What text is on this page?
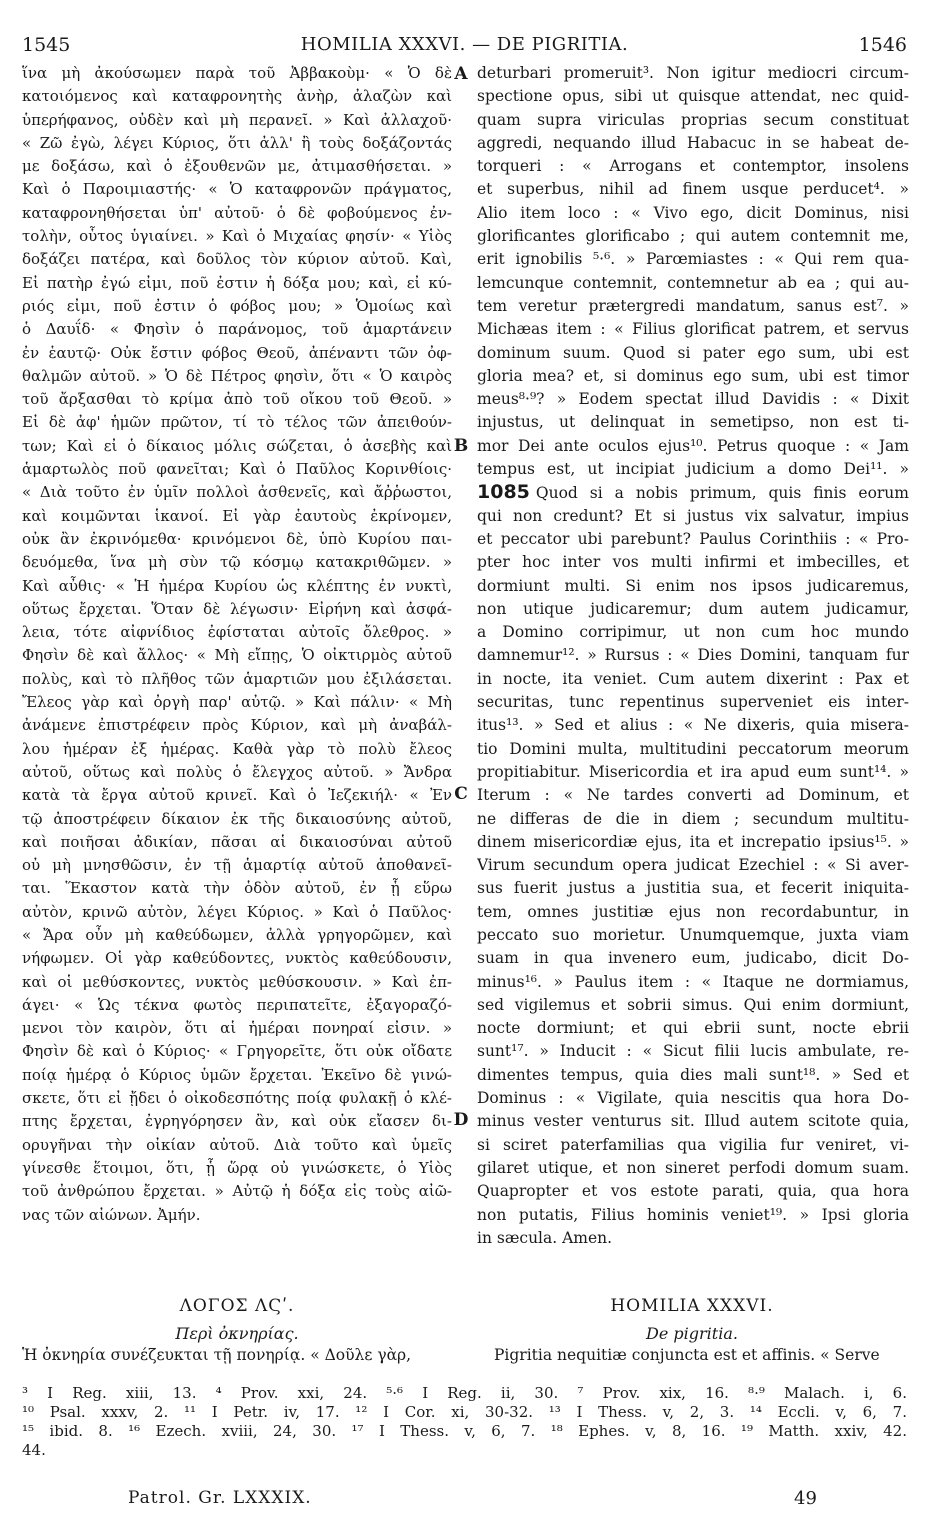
1545	HOMILIA XXXVI. — DE PIGRITIA.	1546
ἵνα μὴ ἀκούσωμεν παρὰ τοῦ Ἀββακοὺμ· « Ὁ δὲ
κατοιόμενος καὶ καταφρονητὴς ἀνὴρ, ἀλαζὼν καὶ
ὑπερήφανος, οὐδὲν καὶ μὴ περανεῖ. » Καὶ ἀλλαχοῦ·
« Ζῶ ἐγὼ, λέγει Κύριος, ὅτι ἀλλ' ἢ τοὺς δοξάζοντάς
με δοξάσω, καὶ ὁ ἐξουθενῶν με, ἀτιμασθήσεται. »
Καὶ ὁ Παροιμιαστής· « Ὁ καταφρονῶν πράγματος,
καταφρονηθήσεται ὑπ' αὐτοῦ· ὁ δὲ φοβούμενος ἐν-
τολὴν, οὗτος ὑγιαίνει. » Καὶ ὁ Μιχαίας φησίν· « Υἱὸς
δοξάζει πατέρα, καὶ δοῦλος τὸν κύριον αὐτοῦ. Καὶ,
Εἰ πατὴρ ἐγώ εἰμι, ποῦ ἐστιν ἡ δόξα μου; καὶ, εἰ κύ-
ριός εἰμι, ποῦ ἐστιν ὁ φόβος μου; » Ὁμοίως καὶ
ὁ Δαυΐδ· « Φησὶν ὁ παράνομος, τοῦ ἁμαρτάνειν
ἐν ἑαυτῷ· Οὐκ ἔστιν φόβος Θεοῦ, ἀπέναντι τῶν ὀφ-
θαλμῶν αὐτοῦ. » Ὁ δὲ Πέτρος φησὶν, ὅτι « Ὁ καιρὸς
τοῦ ἄρξασθαι τὸ κρίμα ἀπὸ τοῦ οἴκου τοῦ Θεοῦ. »
Εἰ δὲ ἀφ' ἡμῶν πρῶτον, τί τὸ τέλος τῶν ἀπειθούν-
των; Καὶ εἰ ὁ δίκαιος μόλις σώζεται, ὁ ἀσεβὴς καὶ
ἁμαρτωλὸς ποῦ φανεῖται; Καὶ ὁ Παῦλος Κορινθίοις·
« Διὰ τοῦτο ἐν ὑμῖν πολλοὶ ἀσθενεῖς, καὶ ἄῤῥωστοι,
καὶ κοιμῶνται ἱκανοί. Εἰ γὰρ ἑαυτοὺς ἐκρίνομεν,
οὐκ ἂν ἐκρινόμεθα· κρινόμενοι δὲ, ὑπὸ Κυρίου παι-
δευόμεθα, ἵνα μὴ σὺν τῷ κόσμῳ κατακριθῶμεν. »
Καὶ αὖθις· « Ἡ ἡμέρα Κυρίου ὡς κλέπτης ἐν νυκτὶ,
οὕτως ἔρχεται. Ὅταν δὲ λέγωσιν· Εἰρήνη καὶ ἀσφά-
λεια, τότε αἰφνίδιος ἐφίσταται αὐτοῖς ὄλεθρος. »
Φησὶν δὲ καὶ ἄλλος· « Μὴ εἴπῃς, Ὁ οἰκτιρμὸς αὐτοῦ
πολὺς, καὶ τὸ πλῆθος τῶν ἁμαρτιῶν μου ἐξιλάσεται.
Ἔλεος γὰρ καὶ ὀργὴ παρ' αὐτῷ. » Καὶ πάλιν· « Μὴ
ἀνάμενε ἐπιστρέφειν πρὸς Κύριον, καὶ μὴ ἀναβάλ-
λου ἡμέραν ἐξ ἡμέρας. Καθὰ γὰρ τὸ πολὺ ἔλεος
αὐτοῦ, οὕτως καὶ πολὺς ὁ ἔλεγχος αὐτοῦ. » Ἄνδρα
κατὰ τὰ ἔργα αὐτοῦ κρινεῖ. Καὶ ὁ Ἰεζεκιήλ· « Ἐν
τῷ ἀποστρέφειν δίκαιον ἐκ τῆς δικαιοσύνης αὐτοῦ,
καὶ ποιῆσαι ἀδικίαν, πᾶσαι αἱ δικαιοσύναι αὐτοῦ
οὐ μὴ μνησθῶσιν, ἐν τῇ ἁμαρτίᾳ αὐτοῦ ἀποθανεῖ-
ται. Ἕκαστον κατὰ τὴν ὁδὸν αὐτοῦ, ἐν ᾗ εὕρω
αὐτὸν, κρινῶ αὐτὸν, λέγει Κύριος. » Καὶ ὁ Παῦλος·
« Ἄρα οὖν μὴ καθεύδωμεν, ἀλλὰ γρηγορῶμεν, καὶ
νήφωμεν. Οἱ γὰρ καθεύδοντες, νυκτὸς καθεύδουσιν,
καὶ οἱ μεθύσκοντες, νυκτὸς μεθύσκουσιν. » Καὶ ἐπ-
άγει· « Ὡς τέκνα φωτὸς περιπατεῖτε, ἐξαγοραζό-
μενοι τὸν καιρὸν, ὅτι αἱ ἡμέραι πονηραί εἰσιν. »
Φησὶν δὲ καὶ ὁ Κύριος· « Γρηγορεῖτε, ὅτι οὐκ οἴδατε
ποίᾳ ἡμέρᾳ ὁ Κύριος ὑμῶν ἔρχεται. Ἐκεῖνο δὲ γινώ-
σκετε, ὅτι εἰ ᾔδει ὁ οἰκοδεσπότης ποίᾳ φυλακῇ ὁ κλέ-
πτης ἔρχεται, ἐγρηγόρησεν ἂν, καὶ οὐκ εἴασεν δι-
ορυγῆναι τὴν οἰκίαν αὐτοῦ. Διὰ τοῦτο καὶ ὑμεῖς
γίνεσθε ἕτοιμοι, ὅτι, ᾗ ὥρᾳ οὐ γινώσκετε, ὁ Υἱὸς
τοῦ ἀνθρώπου ἔρχεται. » Αὐτῷ ἡ δόξα εἰς τοὺς αἰῶ-
νας τῶν αἰώνων. Ἀμήν.
deturbari promeruit³. Non igitur mediocri circum-
spectione opus, sibi ut quisque attendat, nec quid-
quam supra viriculas proprias secum constituat
aggredi, nequando illud Habacuc in se habeat de-
torqueri : « Arrogans et contemptor, insolens
et superbus, nihil ad finem usque perducet⁴. »
Alio item loco : « Vivo ego, dicit Dominus, nisi
glorificantes glorificabo ; qui autem contemnit me,
erit ignobilis ⁵·⁶. » Parœmiastes : « Qui rem qua-
lemcunque contemnit, contemnetur ab ea ; qui au-
tem veretur prætergredi mandatum, sanus est⁷. »
Michæas item : « Filius glorificat patrem, et servus
dominum suum. Quod si pater ego sum, ubi est
gloria mea? et, si dominus ego sum, ubi est timor
meus⁸·⁹? » Eodem spectat illud Davidis : « Dixit
injustus, ut delinquat in semetipso, non est ti-
mor Dei ante oculos ejus¹⁰. Petrus quoque : « Jam
tempus est, ut incipiat judicium a domo Dei¹¹. »
1085 Quod si a nobis primum, quis finis eorum
qui non credunt? Et si justus vix salvatur, impius
et peccator ubi parebunt? Paulus Corinthiis : « Pro-
pter hoc inter vos multi infirmi et imbecilles, et
dormiunt multi. Si enim nos ipsos judicaremus,
non utique judicaremur; dum autem judicamur,
a Domino corripimur, ut non cum hoc mundo
damnemur¹². » Rursus : « Dies Domini, tanquam fur
in nocte, ita veniet. Cum autem dixerint : Pax et
securitas, tunc repentinus superveniet eis inter-
itus¹³. » Sed et alius : « Ne dixeris, quia misera-
tio Domini multa, multitudini peccatorum meorum
propitiabitur. Misericordia et ira apud eum sunt¹⁴. »
Iterum : « Ne tardes converti ad Dominum, et
ne differas de die in diem ; secundum multitu-
dinem misericordiæ ejus, ita et increpatio ipsius¹⁵. »
Virum secundum opera judicat Ezechiel : « Si aver-
sus fuerit justus a justitia sua, et fecerit iniquita-
tem, omnes justitiæ ejus non recordabuntur, in
peccato suo morietur. Unumquemque, juxta viam
suam in qua invenero eum, judicabo, dicit Do-
minus¹⁶. » Paulus item : « Itaque ne dormiamus,
sed vigilemus et sobrii simus. Qui enim dormiunt,
nocte dormiunt; et qui ebrii sunt, nocte ebrii
sunt¹⁷. » Inducit : « Sicut filii lucis ambulate, re-
dimentes tempus, quia dies mali sunt¹⁸. » Sed et
Dominus : « Vigilate, quia nescitis qua hora Do-
minus vester venturus sit. Illud autem scitote quia,
si sciret paterfamilias qua vigilia fur veniret, vi-
gilaret utique, et non sineret perfodi domum suam.
Quapropter et vos estote parati, quia, qua hora
non putatis, Filius hominis veniet¹⁹. » Ipsi gloria
in sæcula. Amen.
A
B
C
D
ΛΟΓΟΣ ΛϚʹ.
Περὶ ὀκνηρίας.
Ἡ ὀκνηρία συνέζευκται τῇ πονηρίᾳ. « Δοῦλε γὰρ,
HOMILIA XXXVI.
De pigritia.
Pigritia nequitiæ conjuncta est et affinis. « Serve
³ I Reg. xiii, 13. ⁴ Prov. xxi, 24. ⁵·⁶ I Reg. ii, 30. ⁷ Prov. xix, 16. ⁸·⁹ Malach. i, 6.
¹⁰ Psal. xxxv, 2. ¹¹ I Petr. iv, 17. ¹² I Cor. xi, 30-32. ¹³ I Thess. v, 2, 3. ¹⁴ Eccli. v, 6, 7.
¹⁵ ibid. 8. ¹⁶ Ezech. xviii, 24, 30. ¹⁷ I Thess. v, 6, 7. ¹⁸ Ephes. v, 8, 16. ¹⁹ Matth. xxiv, 42.
44.
Patrol. Gr. LXXXIX.	49
